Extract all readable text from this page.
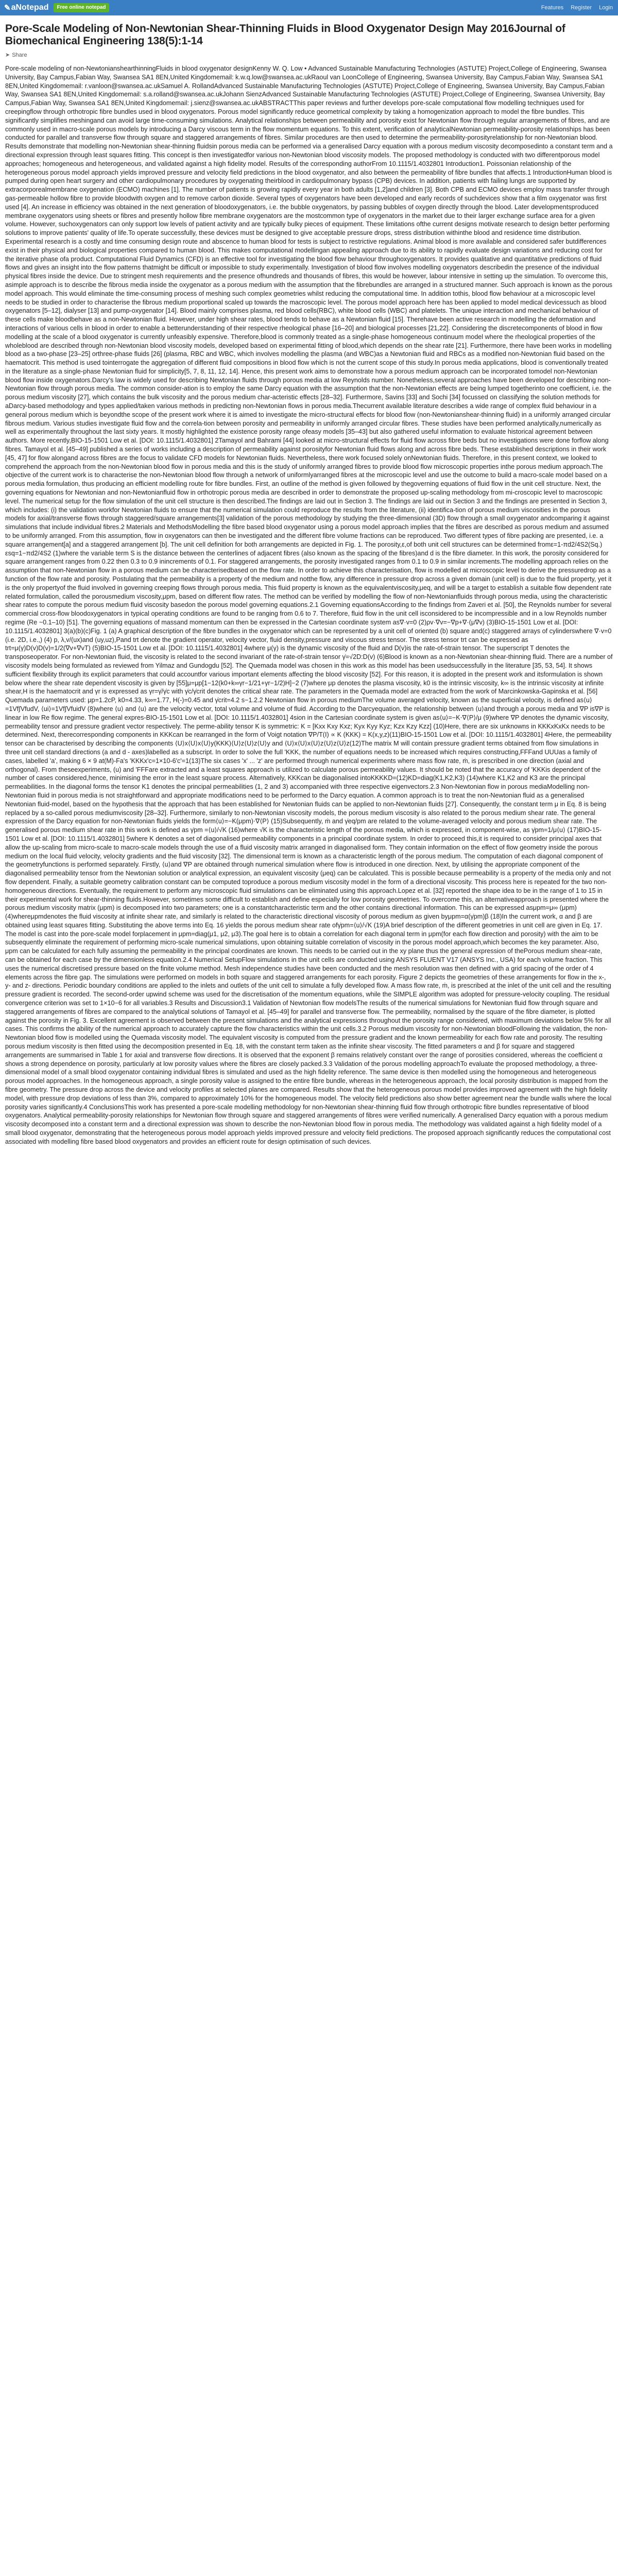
✎ aNotepad	Free online notepad	Features Register Login
Pore-Scale Modeling of Non-Newtonian Shear-Thinning Fluids in Blood Oxygenator Design May 2016Journal of Biomechanical Engineering 138(5):1-14
➤ Share
Pore-scale modeling of non-NewtonianshearthinningFluids in blood oxygenator designKenny W. Q. Low • Advanced Sustainable Manufacturing Technologies (ASTUTE) Project,College of Engineering, Swansea University, Bay Campus,Fabian Way, Swansea SA1 8EN,United Kingdomemail: k.w.q.low@swansea.ac.ukRaoul van LoonCollege of Engineering, Swansea University, Bay Campus,Fabian Way, Swansea SA1 8EN,United Kingdomemail: r.vanloon@swansea.ac.ukSamuel A. RollandAdvanced Sustainable Manufacturing Technologies (ASTUTE) Project,College of Engineering, Swansea University, Bay Campus,Fabian Way, Swansea SA1 8EN,United Kingdomemail: s.a.rolland@swansea.ac.ukJohann SienzAdvanced Sustainable Manufacturing Technologies (ASTUTE) Project,College of Engineering, Swansea University, Bay Campus,Fabian Way, Swansea SA1 8EN,United Kingdomemail: j.sienz@swansea.ac.ukABSTRACTThis paper reviews and further develops pore-scale computational flow modelling techniques used for creepingflow through orthotropic fibre bundles used in blood oxygenators. Porous model significantly reduce geometrical complexity by taking a homogenization approach to model the fibre bundles. This significantly simplifies meshingand can avoid large time-consuming simulations. Analytical relationships between permeability and porosity exist for Newtonian flow through regular arrangements of fibres, and are commonly used in macro-scale porous models by introducing a Darcy viscous term in the flow momentum equations. To this extent, verification of analyticalNewtonian permeability-porosity relationships has been conducted for parallel and transverse flow through square and staggered arrangements of fibres. Similar procedures are then used to determine the permeability-porosityrelationship for non-Newtonian blood. Results demonstrate that modelling non-Newtonian shear-thinning fluidsin porous media can be performed via a generalised Darcy equation with a porous medium viscosity decomposedinto a constant term and a directional expression through least squares fitting. This concept is then investigatedfor various non-Newtonian blood viscosity models. The proposed methodology is conducted with two differentporous model approaches; homogeneous and heterogeneous, and validated against a high fidelity model. Results of the corresponding authorFrom 10.1115/1.4032801 Introduction1. Poissonian relationship of the heterogeneous porous model approach yields improved pressure and velocity field predictions in the blood oxygenator, and also between the permeability of fibre bundles that affects.1 IntroductionHuman blood is pumped during open heart surgery and other cardiopulmonary procedures by oxygenating theirblood in cardiopulmonary bypass (CPB) devices. In addition, patients with failing lungs are supported by extracorporealmembrane oxygenation (ECMO) machines [1]. The number of patients is growing rapidly every year in both adults [1,2]and children [3]. Both CPB and ECMO devices employ mass transfer through gas-permeable hollow fibre to provide bloodwith oxygen and to remove carbon dioxide. Several types of oxygenators have been developed and early records of suchdevices show that a film oxygenator was first used [4]. An increase in efficiency was obtained in the next generation of bloodoxygenators, i.e. the bubble oxygenators, by passing bubbles of oxygen directly through the blood. Later developmentsproduced membrane oxygenators using sheets or fibres and presently hollow fibre membrane oxygenators are the mostcommon type of oxygenators in the market due to their larger exchange surface area for a given volume. However, suchoxygenators can only support low levels of patient activity and are typically bulky pieces of equipment. These limitations ofthe current designs motivate research to design better performing solutions to improve patients' quality of life.To operate successfully, these devices must be designed to give acceptable pressure drops, stress distribution withinthe blood and residence time distribution. Experimental research is a costly and time consuming design route and abscence to human blood for tests is subject to restrictive regulations. Animal blood is more available and considered safer butdifferences exist in their physical and biological properties compared to human blood. This makes computational modellingan appealing approach due to its ability to rapidly evaluate design variations and reducing cost for the iterative phase ofa product. Computational Fluid Dynamics (CFD) is an effective tool for investigating the blood flow behaviour throughoxygenators. It provides qualitative and quantitative predictions of fluid flows and gives an insight into the flow patterns thatmight be difficult or impossible to study experimentally. Investigation of blood flow involves modelling oxygenators describedin the presence of the individual physical fibres inside the device. Due to stringent mesh requirements and the presence ofhundreds and thousands of fibres, this would be however, labour intensive in setting up the simulation. To overcome this, asimple approach is to describe the fibrous media inside the oxygenator as a porous medium with the assumption that the fibrebundles are arranged in a structured manner. Such approach is known as the porous model approach. This would eliminate the time-consuming process of meshing such complex geometries whilst reducing the computational time. In addition tothis, blood flow behaviour at a microscopic level needs to be studied in order to characterise the fibrous medium proportional scaled up towards the macroscopic level. The porous model approach here has been applied to model medical devicessuch as blood oxygenators [5–12], dialyser [13] and pump-oxygenator [14]. Blood mainly comprises plasma, red blood cells(RBC), white blood cells (WBC) and platelets. The unique interaction and mechanical behaviour of these cells make bloodbehave as a non-Newtonian fluid. However, under high shear rates, blood tends to behave as a Newtonian fluid [15]. Therehave been active research in modelling the deformation and interactions of various cells in blood in order to enable a betterunderstanding of their respective rheological phase [16–20] and biological processes [21,22]. Considering the discretecomponents of blood in flow modelling at the scale of a blood oxygenator is currently unfeasibly expensive. Therefore,blood is commonly treated as a single-phase homogeneous continuum model where the rheological properties of the wholeblood are described through non-Newtonian blood viscosity models, developed based on experimental fitting of blood,which depends on the shear rate [21]. Furthermore, there have been works in modelling blood as a two-phase [23–25] orthree-phase fluids [26] (plasma, RBC and WBC, which involves modelling the plasma (and WBC)as a Newtonian fluid and RBCs as a modified non-Newtonian fluid based on the haematocrit. This method is used tointerrogate the aggregation of different fluid compositions in blood flow which is not the current scope of this study.In porous media applications, blood is conventionally treated in the literature as a single-phase Newtonian fluid for simplicity[5, 7, 8, 11, 12, 14]. Hence, this present work aims to demonstrate how a porous medium approach can be incorporated tomodel non-Newtonian blood flow inside oxygenators.Darcy's law is widely used for describing Newtonian fluids through porous media at low Reynolds number. Nonetheless,several approaches have been developed for describing non-Newtonian flow through porous media. The common consider-ation is to employ the same Darcy equation with the assumption that the non-Newtonian effects are being lumped togetherinto one coefficient, i.e. the porous medium viscosity [27], which contains the bulk viscosity and the porous medium char-acteristic effects [28–32]. Furthermore, Savins [33] and Sochi [34] focussed on classifying the solution methods for aDarcy-based methodology and types applied/taken various methods in predicting non-Newtonian flows in porous media.Thecurrent available literature describes a wide range of complex fluid behaviour in a general porous medium which is beyondthe scope of the present work where it is aimed to investigate the micro-structural effects for blood flow (non-Newtonianshear-thinning fluid) in a uniformly arranged circular fibrous medium. Various studies investigate fluid flow and the correla-tion between porosity and permeability in uniformly arranged circular fibres. These studies have been performed analytically,numerically as well as experimentally throughout the last sixty years. It mostly highlighted the existence porosity range ofeasy models [35–43] but also gathered useful information to evaluate historical agreement between authors. More recently,BIO-15-1501 Low et al. [DOI: 10.1115/1.4032801] 2Tamayol and Bahrami [44] looked at micro-structural effects for fluid flow across fibre beds but no investigations were done forflow along fibres. Tamayol et al. [45–49] published a series of works including a description of permeability against porosityfor Newtonian fluid flows along and across fibre beds. These established descriptions in their work [45, 47] for flow alongand across fibres are the focus to validate CFD models for Newtonian fluids. Nevertheless, there work focused solely onNewtonian fluids. Therefore, in this present context, we looked to comprehend the approach from the non-Newtonian blood flow in porous media and this is the study of uniformly arranged fibres to provide blood flow microscopic properties inthe porous medium approach.The objective of the current work is to characterise the non-Newtonian blood flow through a network of uniformlyarranged fibres at the microscopic level and use the outcome to build a macro-scale model based on a porous media formulation, thus producing an efficient modelling route for fibre bundles. First, an outline of the method is given followed by thegoverning equations of fluid flow in the unit cell structure. Next, the governing equations for Newtonian and non-Newtonianfluid flow in orthotropic porous media are described in order to demonstrate the proposed up-scaling methodology from mi-croscopic level to macroscopic level. The numerical setup for the flow simulation of the unit cell structure is then described.The findings are laid out in Section 3. The findings are laid out in Section 3 and the findings are presented in Section 3, which includes: (i) the validation workfor Newtonian fluids to ensure that the numerical simulation could reproduce the results from the literature, (ii) identifica-tion of porous medium viscosities in the porous models for axial/transverse flows through staggered/square arrangements[3] validation of the porous methodology by studying the three-dimensional (3D) flow through a small oxygenator andcomparing it against simulations that include individual fibres.2 Materials and MethodsModelling the fibre based blood oxygenator using a porous model approach implies that the fibres are described as porous medium and assumed to be uniformly arranged. From this assumption, flow in oxygenators can then be investigated and the different fibre volume fractions can be reproduced. Two different types of fibre packing are presented, i.e. a square arrangement[a] and a staggered arrangement [b]. The unit cell definition for both arrangements are depicted in Fig. 1. The porosity,ε,of both unit cell structures can be determined fromε=1-πd2/4S2(Sq.) εsq=1−πd2/4S2 (1)where the variable term S is the distance between the centerlines of adjacent fibres (also known as the spacing of the fibres)and d is the fibre diameter. In this work, the porosity considered for square arrangement ranges from 0.22 then 0.3 to 0.9 inincrements of 0.1. For staggered arrangements, the porosity investigated ranges from 0.1 to 0.9 in similar increments.The modelling approach relies on the assumption that non-Newtonian flow in a porous medium can be characterisedbased on the flow rate. In order to achieve this characterisation, flow is modelled at microscopic level to derive the pressuredrop as a function of the flow rate and porosity. Postulating that the permeability is a property of the medium and notthe flow, any difference in pressure drop across a given domain (unit cell) is due to the fluid property, yet it is the only propertyof the fluid involved in governing creeping flows through porous media. This fluid property is known as the equivalentviscosity,μeq, and will be a target to establish a suitable flow dependent rate related formulation, called the porousmedium viscosity,μpm, based on different flow rates. The method can be verified by modelling the flow of non-Newtonianfluids through porous media, using the characteristic shear rates to compute the porous medium fluid viscosity basedon the porous model governing equations.2.1 Governing equationsAccording to the findings from Zaveri et al. [50], the Reynolds number for several commercial cross-flow bloodoxygenators in typical operating conditions are found to be ranging from 0.6 to 7. Therefore, fluid flow in the unit cell isconsidered to be incompressible and in a low Reynolds number regime (Re ~0.1–10) [51]. The governing equations of massand momentum can then be expressed in the Cartesian coordinate system as∇·v=0 (2)ρv·∇v=−∇p+∇·(μ∇v) (3)BIO-15-1501 Low et al. [DOI: 10.1115/1.4032801] 3(a)(b)(c)Fig. 1 (a) A graphical description of the fibre bundles in the oxygenator which can be represented by a unit cell of oriented (b) square and(c) staggered arrays of cylinderswhere ∇·v=0 (i.e. 2D, i.e.,) (4) p, λ,v/(ux)and (uy,uz),Pand trt denote the gradient operator, velocity vector, fluid density,pressure and viscous stress tensor. The stress tensor trt can be expressed as trt=μ(γ)D(v)D(v)=1/2(∇v+∇vT) (5)BIO-15-1501 Low et al. [DOI: 10.1115/1.4032801] 4where μ(γ) is the dynamic viscosity of the fluid and D(v)is the rate-of-strain tensor. The superscript T denotes the transposeoperator. For non-Newtonian fluid, the viscosity is related to the second invariant of the rate-of-strain tensor γ̇=√2D:D(v) (6)Blood is known as a non-Newtonian shear-thinning fluid. There are a number of viscosity models being formulated as reviewed from Yilmaz and Gundogdu [52]. The Quemada model was chosen in this work as this model has been usedsuccessfully in the literature [35, 53, 54]. It shows sufficient flexibility through its explicit parameters that could accountfor various important elements affecting the blood viscosity [52]. For this reason, it is adopted in the present work and itsformulation is shown below where the shear rate dependent viscosity is given by [55]μ=μp[1−12(k0+k∞γr−1/21+γr−1/2)H]−2 (7)where μp denotes the plasma viscosity, k0 is the intrinsic viscosity, k∞ is the intrinsic viscosity at infinite shear,H is the haematocrit and γr is expressed as γr=γ̇/γ̇c with γ̇c/γ̇crit denotes the critical shear rate. The parameters in the Quemada model are extracted from the work of Marcinkowska-Gapinska et al. [56] Quemada parameters used: μp=1.2cP, k0=4.33, k∞=1.77, H(-)=0.45 and γ̇crit=4.2 s−1.2.2 Newtonian flow in porous mediumThe volume averaged velocity, known as the superficial velocity, is defined as⟨u⟩=1Vf∫VfudV, ⟨ui⟩=1Vf∫VfuidV (8)where ⟨u⟩ and ⟨u⟩ are the velocity vector, total volume and volume of fluid. According to the Darcyequation, the relationship between ⟨u⟩and through a porous media and ∇P is∇P is linear in low Re flow regime. The general expres-BIO-15-1501 Low et al. [DOI: 10.1115/1.4032801] 4sion in the Cartesian coordinate system is given as⟨u⟩=−K⋅∇⟨P⟩/μ (9)where ∇P denotes the dynamic viscosity, permeability tensor and pressure gradient vector respectively. The perme-ability tensor K is symmetric: K = [Kxx Kxy Kxz; Kyx Kyy Kyz; Kzx Kzy Kzz] (10)Here, there are six unknowns in KKKxKxKx needs to be determined. Next, therecorresponding components in KKKcan be rearranged in the form of Voigt notation ∇P/T(I) ∝ K (KKK) = K(x,y,z)(11)BIO-15-1501 Low et al. [DOI: 10.1115/1.4032801] 4Here, the permeability tensor can be characterised by describing the components ⟨U⟩x⟨U⟩x⟨U⟩y(KKK)⟨U⟩z⟨U⟩z⟨U⟩y and ⟨U⟩x⟨U⟩x⟨U⟩z⟨U⟩z⟨U⟩z(12)The matrix M will contain pressure gradient terms obtained from flow simulations in three unit cell standard directions (a and d - axes)labelled as a subscript. In order to solve the full 'KKK, the number of equations needs to be increased which requires constructing,FFFand UUUas a family of cases, labelled 'a', making 6 × 9 at(M)-Fa's 'KKKx'c=1×10-6'c'=1(13)The six cases 'x' ... 'z' are performed through numerical experiments where mass flow rate, ṁ, is prescribed in one direction (axial and orthogonal). From theseexperiments, (u) and 'FFFare extracted and a least squares approach is utilized to calculate porous permeability values. It should be noted that the accuracy of 'KKKis dependent of the number of cases considered,hence, minimising the error in the least square process. Alternatively, KKKcan be diagonalised intoKKKKD=(12)KD=diag(K1,K2,K3) (14)where K1,K2 and K3 are the principal permeabilities. In the diagonal forms the tensor K1 denotes the principal permeabilities (1, 2 and 3) accompanied with three respective eigenvectors.2.3 Non-Newtonian flow in porous mediaModelling non-Newtonian fluid in porous media is not straightforward and appropriate modifications need to be performed to the Darcy equation. A common approach is to treat the non-Newtonian fluid as a generalised Newtonian fluid-model, based on the hypothesis that the approach that has been established for Newtonian fluids can be applied to non-Newtonian fluids [27]. Consequently, the constant term μ in Eq. 8 is being replaced by a so-called porous mediumviscosity [28–32]. Furthermore, similarly to non-Newtonian viscosity models, the porous medium viscosity is also related to the porous medium shear rate. The general expression of the Darcy equation for non-Newtonian fluids yields the form⟨u⟩=−K(μpm)⋅∇⟨P⟩ (15)Subsequently, ṁ and γ̇eq/pm are related to the volume-averaged velocity and porous medium shear rate. The generalised porous medium shear rate in this work is defined as γ̇pm =⟨u⟩/√K (16)where √K is the characteristic length of the porous media, which is expressed, in component-wise, as γ̇pm=1/μ⟨u⟩ (17)BIO-15-1501 Low et al. [DOI: 10.1115/1.4032801] 5where K denotes a set of diagonalised permeability components in a principal coordinate system. In order to proceed this,it is required to consider principal axes that allow the up-scaling from micro-scale to macro-scale models through the use of a fluid viscosity matrix arranged in diagonalised form. They contain information on the effect of flow geometry inside the porous medium on the local fluid velocity, velocity gradients and the fluid viscosity [32]. The dimensional term is known as a characteristic length of the porous medium. The computation of each diagonal component of the geometryfunctions is performed separately. Firstly, ⟨u⟩and ∇P are obtained through numerical simulation where flow is introduced in one direction. Next, by utilising the appropriate component of the diagonalised permeability tensor from the Newtonian solution or analytical expression, an equivalent viscosity (μeq) can be calculated. This is possible because permeability is a property of the media only and not flow dependent. Finally, a suitable geometry calibration constant can be computed toproduce a porous medium viscosity model in the form of a directional viscosity. This process here is repeated for the two non-homogeneous directions. Eventually, the requirement to perform any microscopic fluid simulations can be eliminated using this approach.Lopez et al. [32] reported the shape idea to be in the range of 1 to 15 in their experimental work for shear-thinning fluids.However, sometimes some difficult to establish and define especially for low porosity geometries. To overcome this, an alternativeapproach is presented where the porous medium viscosity matrix (μpm) is decomposed into two parameters; one is a constantcharacteristic term and the other contains directional information. This can be expressed asμpm=μ∞ (μpm) (4)whereμpmdenotes the fluid viscosity at infinite shear rate, and similarly is related to the characteristic directional viscosity of porous medium as given byμpm=α(γ̇pm)β (18)In the current work, α and β are obtained using least squares fitting. Substituting the above terms into Eq. 16 yields the porous medium shear rate ofγ̇pm=⟨u⟩/√K (19)A brief description of the different geometries in unit cell are given in Eq. 17. The model is cast into the pore-scale model forplacement in μpm=diag(μ1, μ2, μ3).The goal here is to obtain a correlation for each diagonal term in μpm(for each flow direction and porosity) with the aim to be subsequently eliminate the requirement of performing micro-scale numerical simulations, upon obtaining suitable correlation of viscosity in the porous model approach,which becomes the key parameter. Also, μpm can be calculated for each fully assuming the permeability in the principal coordinates are known. This needs to be carried out in the xy plane thus the general expression of thePorous medium shear-rate, can be obtained for each case by the dimensionless equation.2.4 Numerical SetupFlow simulations in the unit cells are conducted using ANSYS FLUENT V17 (ANSYS Inc., USA) for each volume fraction. This uses the numerical discretised pressure based on the finite volume method. Mesh independence studies have been conducted and the mesh resolution was then defined with a grid spacing of the order of 4 elements across the fibre gap. The simulations were performed on models in both square and staggered arrangements for each porosity. Figure 2 depicts the geometries of these arrangements for flow in the x-, y- and z- directions. Periodic boundary conditions are applied to the inlets and outlets of the unit cell to simulate a fully developed flow. A mass flow rate, ṁ, is prescribed at the inlet of the unit cell and the resulting pressure gradient is recorded. The second-order upwind scheme was used for the discretisation of the momentum equations, while the SIMPLE algorithm was adopted for pressure-velocity coupling. The residual convergence criterion was set to 1×10−6 for all variables.3 Results and Discussion3.1 Validation of Newtonian flow modelsThe results of the numerical simulations for Newtonian fluid flow through square and staggered arrangements of fibres are compared to the analytical solutions of Tamayol et al. [45–49] for parallel and transverse flow. The permeability, normalised by the square of the fibre diameter, is plotted against the porosity in Fig. 3. Excellent agreement is observed between the present simulations and the analytical expressions throughout the porosity range considered, with maximum deviations below 5% for all cases. This confirms the ability of the numerical approach to accurately capture the flow characteristics within the unit cells.3.2 Porous medium viscosity for non-Newtonian bloodFollowing the validation, the non-Newtonian blood flow is modelled using the Quemada viscosity model. The equivalent viscosity is computed from the pressure gradient and the known permeability for each flow rate and porosity. The resulting porous medium viscosity is then fitted using the decomposition presented in Eq. 18, with the constant term taken as the infinite shear viscosity. The fitted parameters α and β for square and staggered arrangements are summarised in Table 1 for axial and transverse flow directions. It is observed that the exponent β remains relatively constant over the range of porosities considered, whereas the coefficient α shows a strong dependence on porosity, particularly at low porosity values where the fibres are closely packed.3.3 Validation of the porous modelling approachTo evaluate the proposed methodology, a three-dimensional model of a small blood oxygenator containing individual fibres is simulated and used as the high fidelity reference. The same device is then modelled using the homogeneous and heterogeneous porous model approaches. In the homogeneous approach, a single porosity value is assigned to the entire fibre bundle, whereas in the heterogeneous approach, the local porosity distribution is mapped from the fibre geometry. The pressure drop across the device and velocity profiles at selected planes are compared. Results show that the heterogeneous porous model provides improved agreement with the high fidelity model, with pressure drop deviations of less than 3%, compared to approximately 10% for the homogeneous model. The velocity field predictions also show better agreement near the bundle walls where the local porosity varies significantly.4 ConclusionsThis work has presented a pore-scale modelling methodology for non-Newtonian shear-thinning fluid flow through orthotropic fibre bundles representative of blood oxygenators. Analytical permeability-porosity relationships for Newtonian flow through square and staggered arrangements of fibres were verified numerically. A generalised Darcy equation with a porous medium viscosity decomposed into a constant term and a directional expression was shown to describe the non-Newtonian blood flow in porous media. The methodology was validated against a high fidelity model of a small blood oxygenator, demonstrating that the heterogeneous porous model approach yields improved pressure and velocity field predictions. The proposed approach significantly reduces the computational cost associated with modelling fibre based blood oxygenators and provides an efficient route for design optimisation of such devices.
